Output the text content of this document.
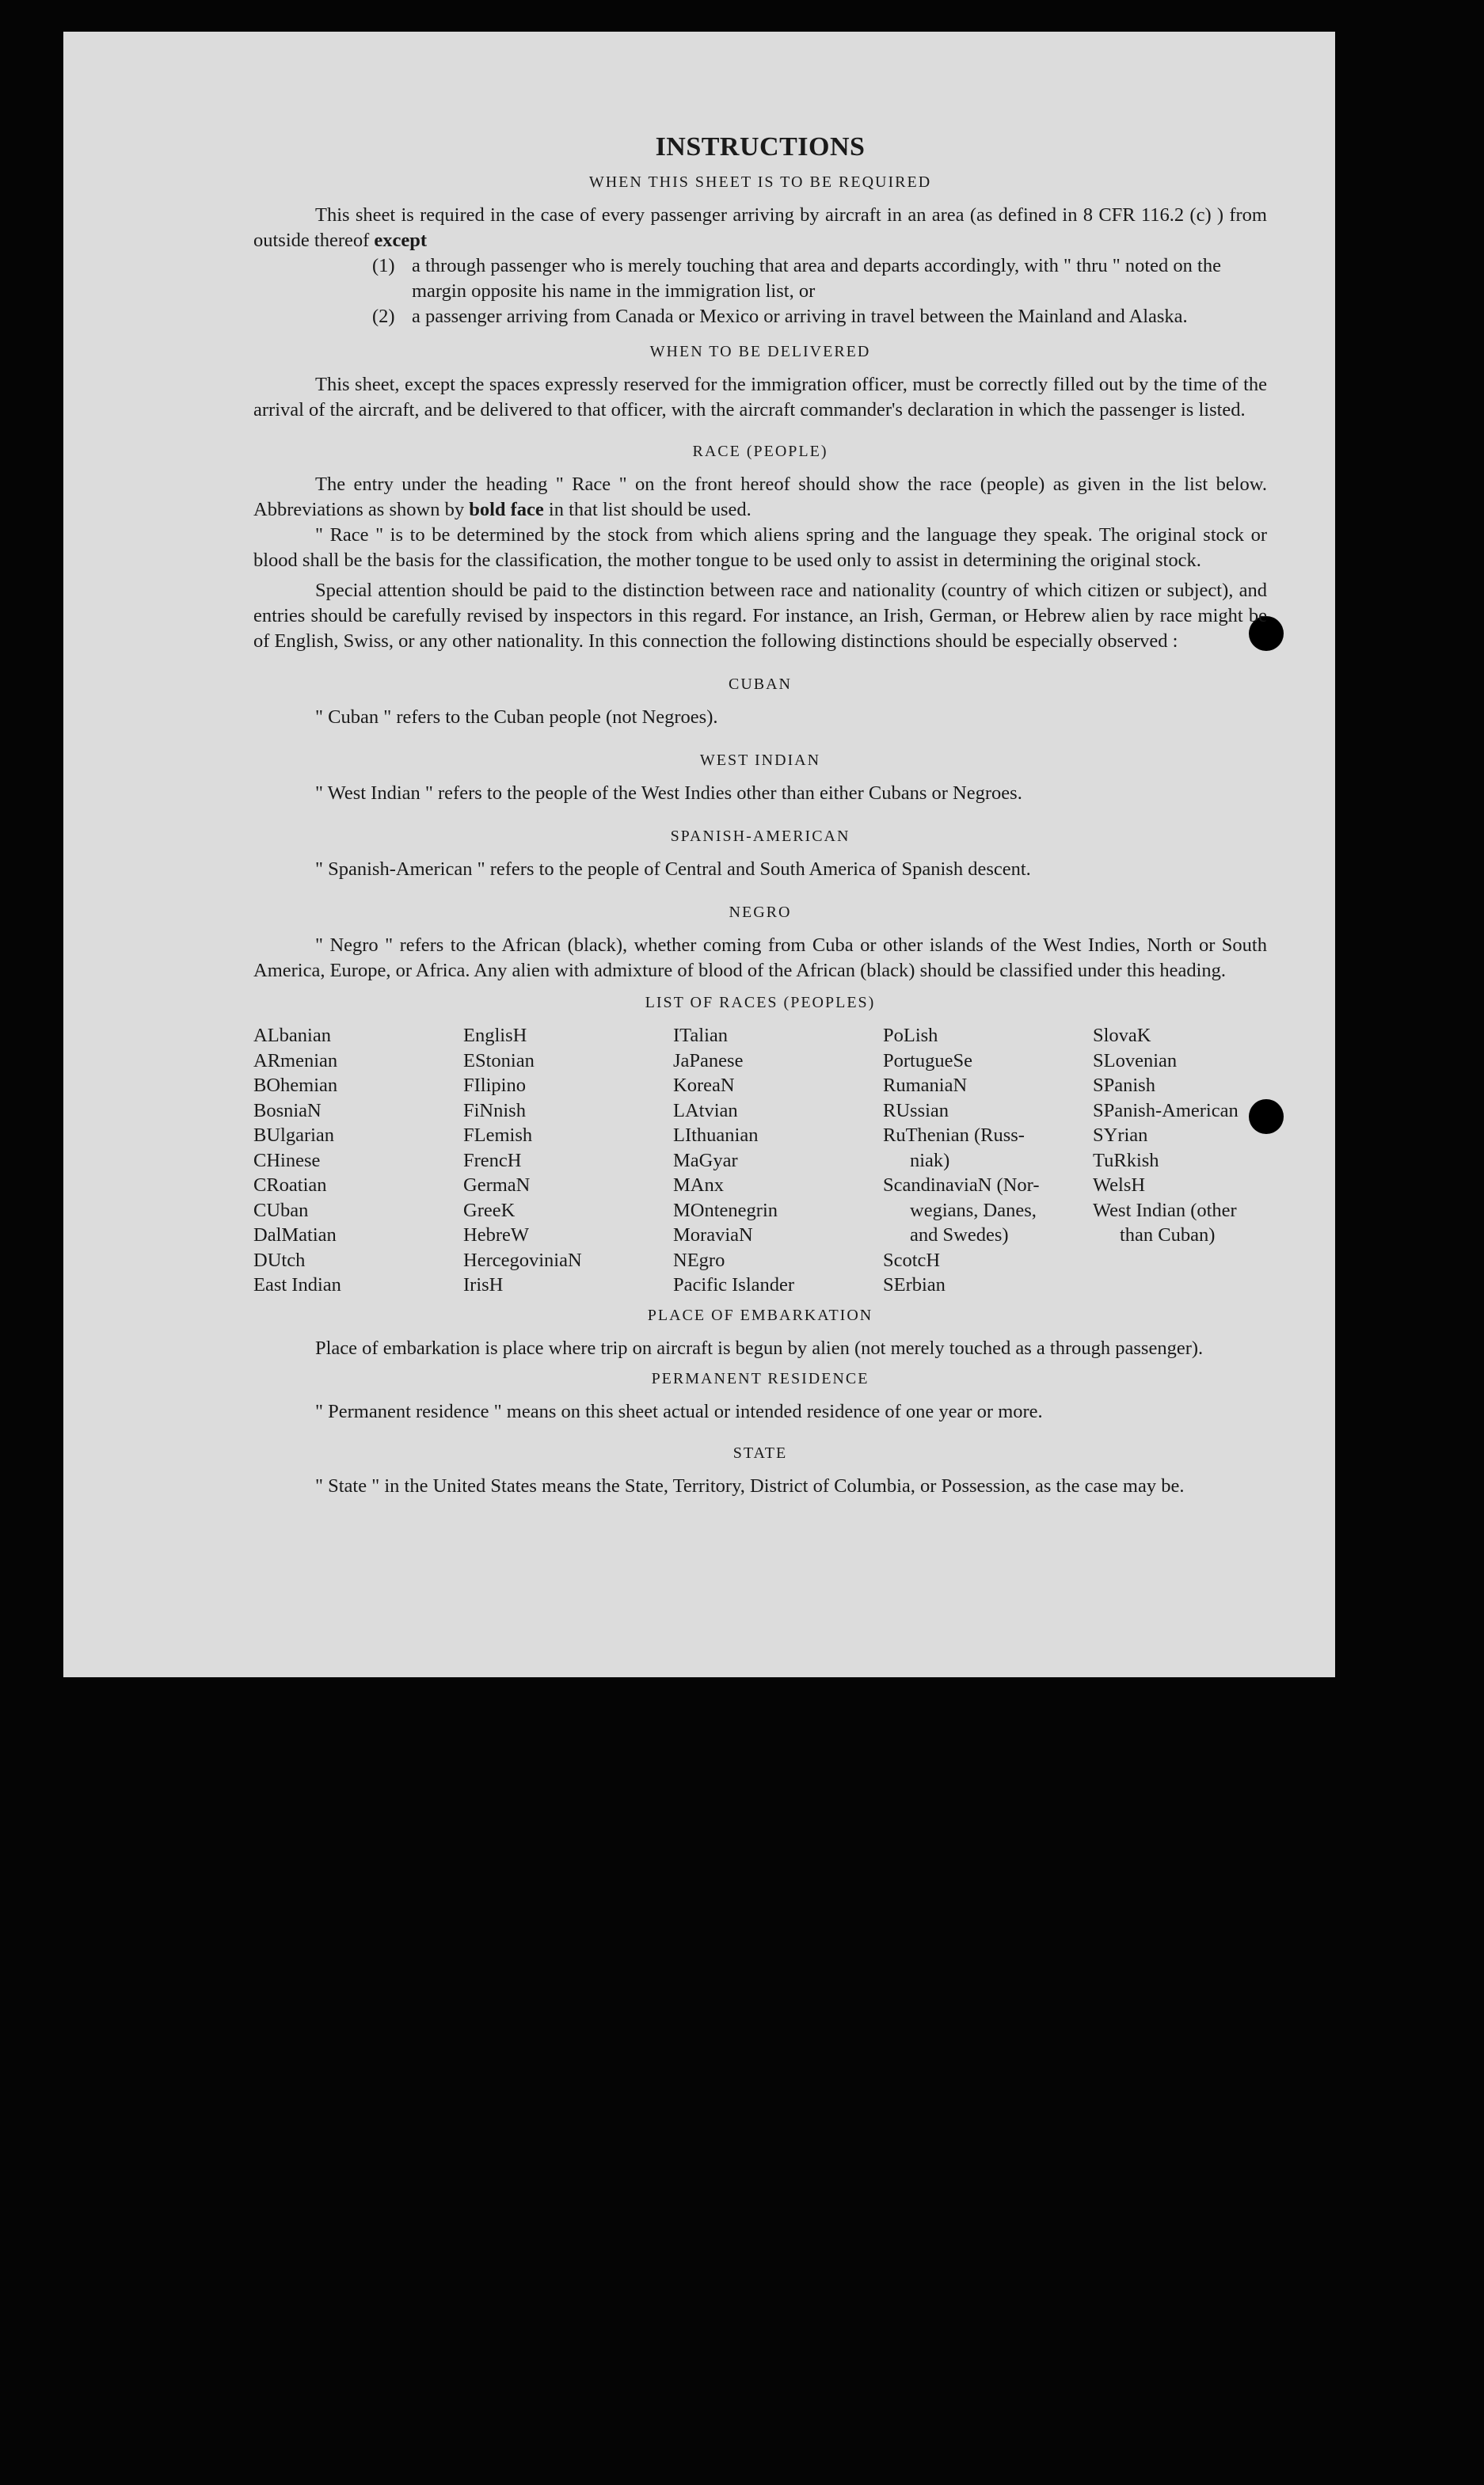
INSTRUCTIONS
WHEN THIS SHEET IS TO BE REQUIRED

This sheet is required in the case of every passenger arriving by aircraft in an area (as defined in 8 CFR 116.2 (c) ) from outside thereof except

(1) a through passenger who is merely touching that area and departs accordingly, with " thru " noted on the margin opposite his name in the immigration list, or
(2) a passenger arriving from Canada or Mexico or arriving in travel between the Mainland and Alaska.
WHEN TO BE DELIVERED

This sheet, except the spaces expressly reserved for the immigration officer, must be correctly filled out by the time of the arrival of the aircraft, and be delivered to that officer, with the aircraft commander's declaration in which the passenger is listed.

RACE (PEOPLE)

The entry under the heading " Race " on the front hereof should show the race (people) as given in the list below. Abbreviations as shown by bold face in that list should be used.

" Race " is to be determined by the stock from which aliens spring and the language they speak. The original stock or blood shall be the basis for the classification, the mother tongue to be used only to assist in determining the original stock.

Special attention should be paid to the distinction between race and nationality (country of which citizen or subject), and entries should be carefully revised by inspectors in this regard. For instance, an Irish, German, or Hebrew alien by race might be of English, Swiss, or any other nationality. In this connection the following distinctions should be especially observed :

CUBAN

" Cuban " refers to the Cuban people (not Negroes).

WEST INDIAN

" West Indian " refers to the people of the West Indies other than either Cubans or Negroes.

SPANISH-AMERICAN

" Spanish-American " refers to the people of Central and South America of Spanish descent.

NEGRO

" Negro " refers to the African (black), whether coming from Cuba or other islands of the West Indies, North or South America, Europe, or Africa. Any alien with admixture of blood of the African (black) should be classified under this heading.

LIST OF RACES (PEOPLES)
ALbanian
ARmenian
BOhemian
BosniaN
BUlgarian
CHinese
CRoatian
CUban
DalMatian
DUtch
East Indian
EnglisH
EStonian
FIlipino
FiNnish
FLemish
FrencH
GermaN
GreeK
HebreW
HercegoviniaN
IrisH
ITalian
JaPanese
KoreaN
LAtvian
LIthuanian
MaGyar
MAnx
MOntenegrin
MoraviaN
NEgro
Pacific Islander
PoLish
PortugueSe
RumaniaN
RUssian
RuThenian (Russ-
niak)
ScandinaviaN (Nor-
wegians, Danes,
and Swedes)
ScotcH
SErbian
SlovaK
SLovenian
SPanish
SPanish-American
SYrian
TuRkish
WelsH
West Indian (other
than Cuban)
PLACE OF EMBARKATION

Place of embarkation is place where trip on aircraft is begun by alien (not merely touched as a through passenger).

PERMANENT RESIDENCE

" Permanent residence " means on this sheet actual or intended residence of one year or more.

STATE

" State " in the United States means the State, Territory, District of Columbia, or Possession, as the case may be.
